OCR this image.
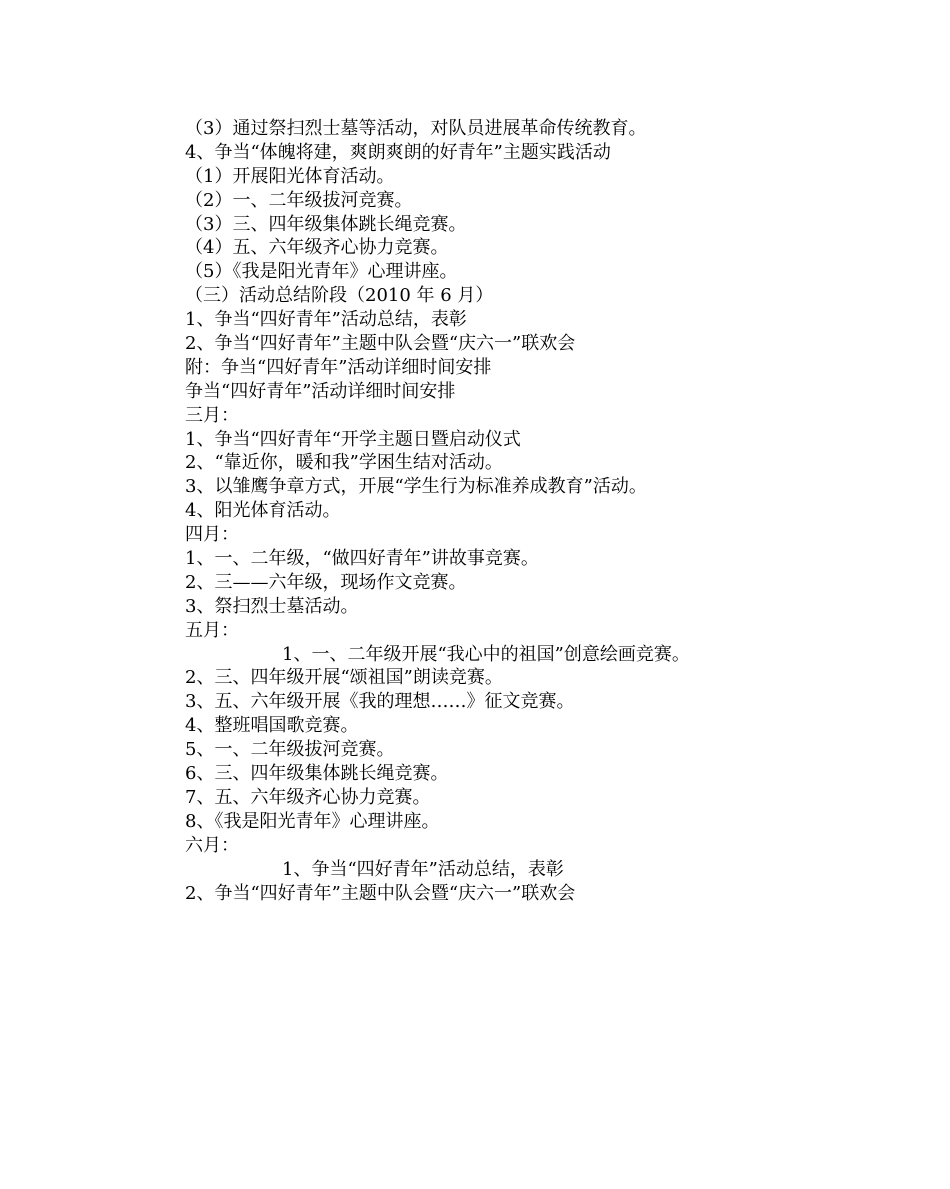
（3）通过祭扫烈士墓等活动，对队员进展革命传统教育。
4、争当“体魄将建，爽朗爽朗的好青年”主题实践活动
（1）开展阳光体育活动。
（2）一、二年级拔河竞赛。
（3）三、四年级集体跳长绳竞赛。
（4）五、六年级齐心协力竞赛。
（5）《我是阳光青年》心理讲座。
（三）活动总结阶段（2010 年 6 月）
1、争当“四好青年”活动总结，表彰
2、争当“四好青年”主题中队会暨“庆六一”联欢会
附：争当“四好青年”活动详细时间安排
争当“四好青年”活动详细时间安排
三月：
1、争当“四好青年“开学主题日暨启动仪式
2、“靠近你，暖和我”学困生结对活动。
3、以雏鹰争章方式，开展“学生行为标准养成教育”活动。
4、阳光体育活动。
四月：
1、一、二年级，“做四好青年”讲故事竞赛。
2、三——六年级，现场作文竞赛。
3、祭扫烈士墓活动。
五月：
1、一、二年级开展“我心中的祖国”创意绘画竞赛。
2、三、四年级开展“颂祖国”朗读竞赛。
3、五、六年级开展《我的理想……》征文竞赛。
4、整班唱国歌竞赛。
5、一、二年级拔河竞赛。
6、三、四年级集体跳长绳竞赛。
7、五、六年级齐心协力竞赛。
8、《我是阳光青年》心理讲座。
六月：
1、争当“四好青年”活动总结，表彰
2、争当“四好青年”主题中队会暨“庆六一”联欢会
